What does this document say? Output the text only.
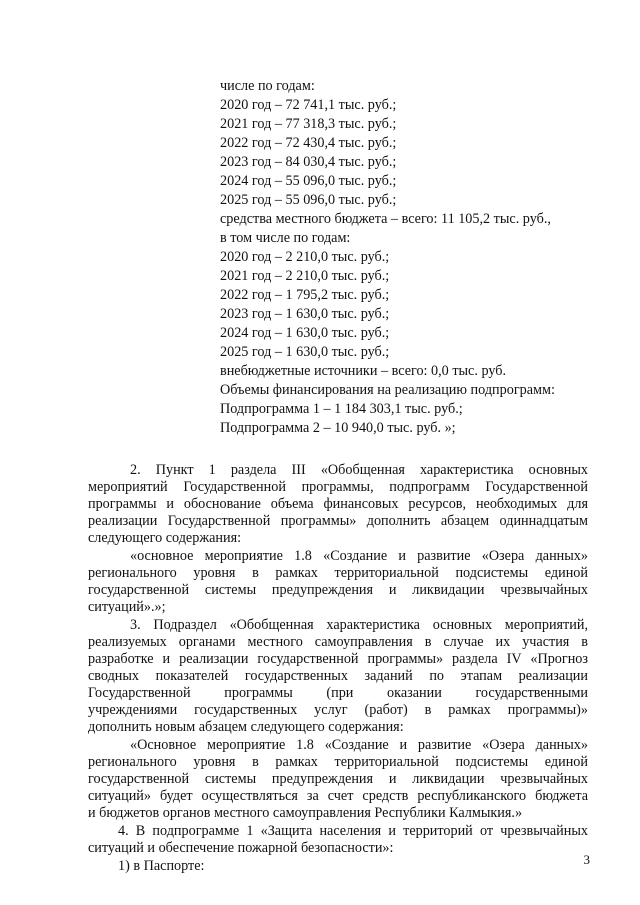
числе по годам:
2020 год – 72 741,1 тыс. руб.;
2021 год – 77 318,3 тыс. руб.;
2022 год – 72 430,4 тыс. руб.;
2023 год – 84 030,4 тыс. руб.;
2024 год – 55 096,0 тыс. руб.;
2025 год – 55 096,0 тыс. руб.;
средства местного бюджета – всего: 11 105,2 тыс. руб.,
в том числе по годам:
2020 год – 2 210,0 тыс. руб.;
2021 год – 2 210,0 тыс. руб.;
2022 год – 1 795,2 тыс. руб.;
2023 год – 1 630,0 тыс. руб.;
2024 год – 1 630,0 тыс. руб.;
2025 год – 1 630,0 тыс. руб.;
внебюджетные источники – всего: 0,0 тыс. руб.
Объемы финансирования на реализацию подпрограмм:
Подпрограмма 1 – 1 184 303,1 тыс. руб.;
Подпрограмма 2 – 10 940,0 тыс. руб. »;
2. Пункт 1 раздела III «Обобщенная характеристика основных
мероприятий Государственной программы, подпрограмм Государственной
программы и обоснование объема финансовых ресурсов, необходимых для
реализации Государственной программы» дополнить абзацем одиннадцатым
следующего содержания:
«основное мероприятие 1.8 «Создание и развитие «Озера данных»
регионального уровня в рамках территориальной подсистемы единой
государственной системы предупреждения и ликвидации чрезвычайных
ситуаций».»;
3. Подраздел «Обобщенная характеристика основных мероприятий,
реализуемых органами местного самоуправления в случае их участия в
разработке и реализации государственной программы» раздела IV «Прогноз
сводных показателей государственных заданий по этапам реализации
Государственной программы (при оказании государственными
учреждениями государственных услуг (работ) в рамках программы)»
дополнить новым абзацем следующего содержания:
«Основное мероприятие 1.8 «Создание и развитие «Озера данных»
регионального уровня в рамках территориальной подсистемы единой
государственной системы предупреждения и ликвидации чрезвычайных
ситуаций» будет осуществляться за счет средств республиканского бюджета
и бюджетов органов местного самоуправления Республики Калмыкия.»
4. В подпрограмме 1 «Защита населения и территорий от чрезвычайных
ситуаций и обеспечение пожарной безопасности»:
1) в Паспорте:	3
